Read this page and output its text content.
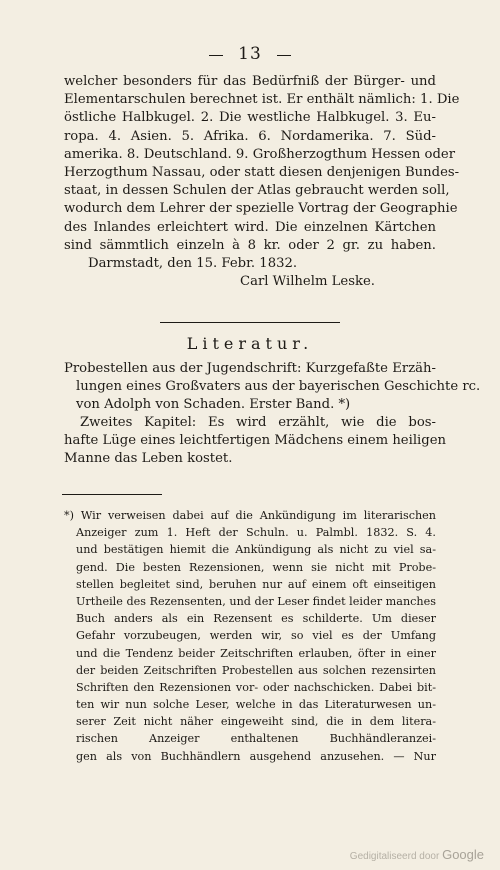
13
welcher besonders für das Bedürfniß der Bürger- und
Elementarschulen berechnet ist. Er enthält nämlich: 1. Die
östliche Halbkugel. 2. Die westliche Halbkugel. 3. Eu-
ropa. 4. Asien. 5. Afrika. 6. Nordamerika. 7. Süd-
amerika. 8. Deutschland. 9. Großherzogthum Hessen oder
Herzogthum Nassau, oder statt diesen denjenigen Bundes-
staat, in dessen Schulen der Atlas gebraucht werden soll,
wodurch dem Lehrer der spezielle Vortrag der Geographie
des Inlandes erleichtert wird. Die einzelnen Kärtchen
sind sämmtlich einzeln à 8 kr. oder 2 gr. zu haben.
Darmstadt, den 15. Febr. 1832.
Carl Wilhelm Leske.
Literatur.
Probestellen aus der Jugendschrift: Kurzgefaßte Erzäh-
lungen eines Großvaters aus der bayerischen Geschichte rc.
von Adolph von Schaden. Erster Band. *)
Zweites Kapitel: Es wird erzählt, wie die bos-
hafte Lüge eines leichtfertigen Mädchens einem heiligen
Manne das Leben kostet.
*) Wir verweisen dabei auf die Ankündigung im literarischen
Anzeiger zum 1. Heft der Schuln. u. Palmbl. 1832. S. 4.
und bestätigen hiemit die Ankündigung als nicht zu viel sa-
gend. Die besten Rezensionen, wenn sie nicht mit Probe-
stellen begleitet sind, beruhen nur auf einem oft einseitigen
Urtheile des Rezensenten, und der Leser findet leider manches
Buch anders als ein Rezensent es schilderte. Um dieser
Gefahr vorzubeugen, werden wir, so viel es der Umfang
und die Tendenz beider Zeitschriften erlauben, öfter in einer
der beiden Zeitschriften Probestellen aus solchen rezensirten
Schriften den Rezensionen vor- oder nachschicken. Dabei bit-
ten wir nun solche Leser, welche in das Literaturwesen un-
serer Zeit nicht näher eingeweiht sind, die in dem litera-
rischen Anzeiger enthaltenen Buchhändleranzei-
gen als von Buchhändlern ausgehend anzusehen. — Nur
Gedigitaliseerd door Google
